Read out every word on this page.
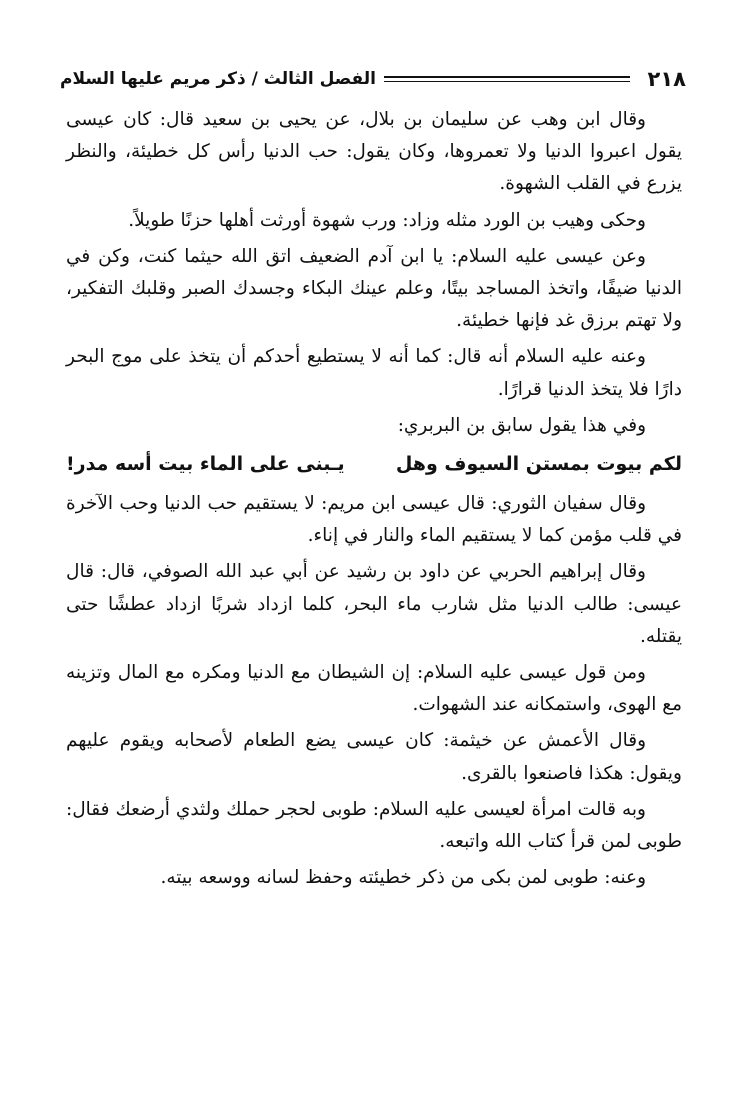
٢١٨
الفصل الثالث / ذكر مريم عليها السلام

وقال ابن وهب عن سليمان بن بلال، عن يحيى بن سعيد قال: كان عيسى يقول اعبروا الدنيا ولا تعمروها، وكان يقول: حب الدنيا رأس كل خطيئة، والنظر يزرع في القلب الشهوة.

وحكى وهيب بن الورد مثله وزاد: ورب شهوة أورثت أهلها حزنًا طويلاً.

وعن عيسى عليه السلام: يا ابن آدم الضعيف اتق الله حيثما كنت، وكن في الدنيا ضيفًا، واتخذ المساجد بيتًا، وعلم عينك البكاء وجسدك الصبر وقلبك التفكير، ولا تهتم برزق غد فإنها خطيئة.

وعنه عليه السلام أنه قال: كما أنه لا يستطيع أحدكم أن يتخذ على موج البحر دارًا فلا يتخذ الدنيا قرارًا.

وفي هذا يقول سابق بن البربري:

لكم بيوت بمستن السيوف وهل
يـبنى على الماء بيت أسه مدر!

وقال سفيان الثوري: قال عيسى ابن مريم: لا يستقيم حب الدنيا وحب الآخرة في قلب مؤمن كما لا يستقيم الماء والنار في إناء.

وقال إبراهيم الحربي عن داود بن رشيد عن أبي عبد الله الصوفي، قال: قال عيسى: طالب الدنيا مثل شارب ماء البحر، كلما ازداد شربًا ازداد عطشًا حتى يقتله.

ومن قول عيسى عليه السلام: إن الشيطان مع الدنيا ومكره مع المال وتزينه مع الهوى، واستمكانه عند الشهوات.

وقال الأعمش عن خيثمة: كان عيسى يضع الطعام لأصحابه ويقوم عليهم ويقول: هكذا فاصنعوا بالقرى.

وبه قالت امرأة لعيسى عليه السلام: طوبى لحجر حملك ولثدي أرضعك فقال: طوبى لمن قرأ كتاب الله واتبعه.

وعنه: طوبى لمن بكى من ذكر خطيئته وحفظ لسانه ووسعه بيته.
